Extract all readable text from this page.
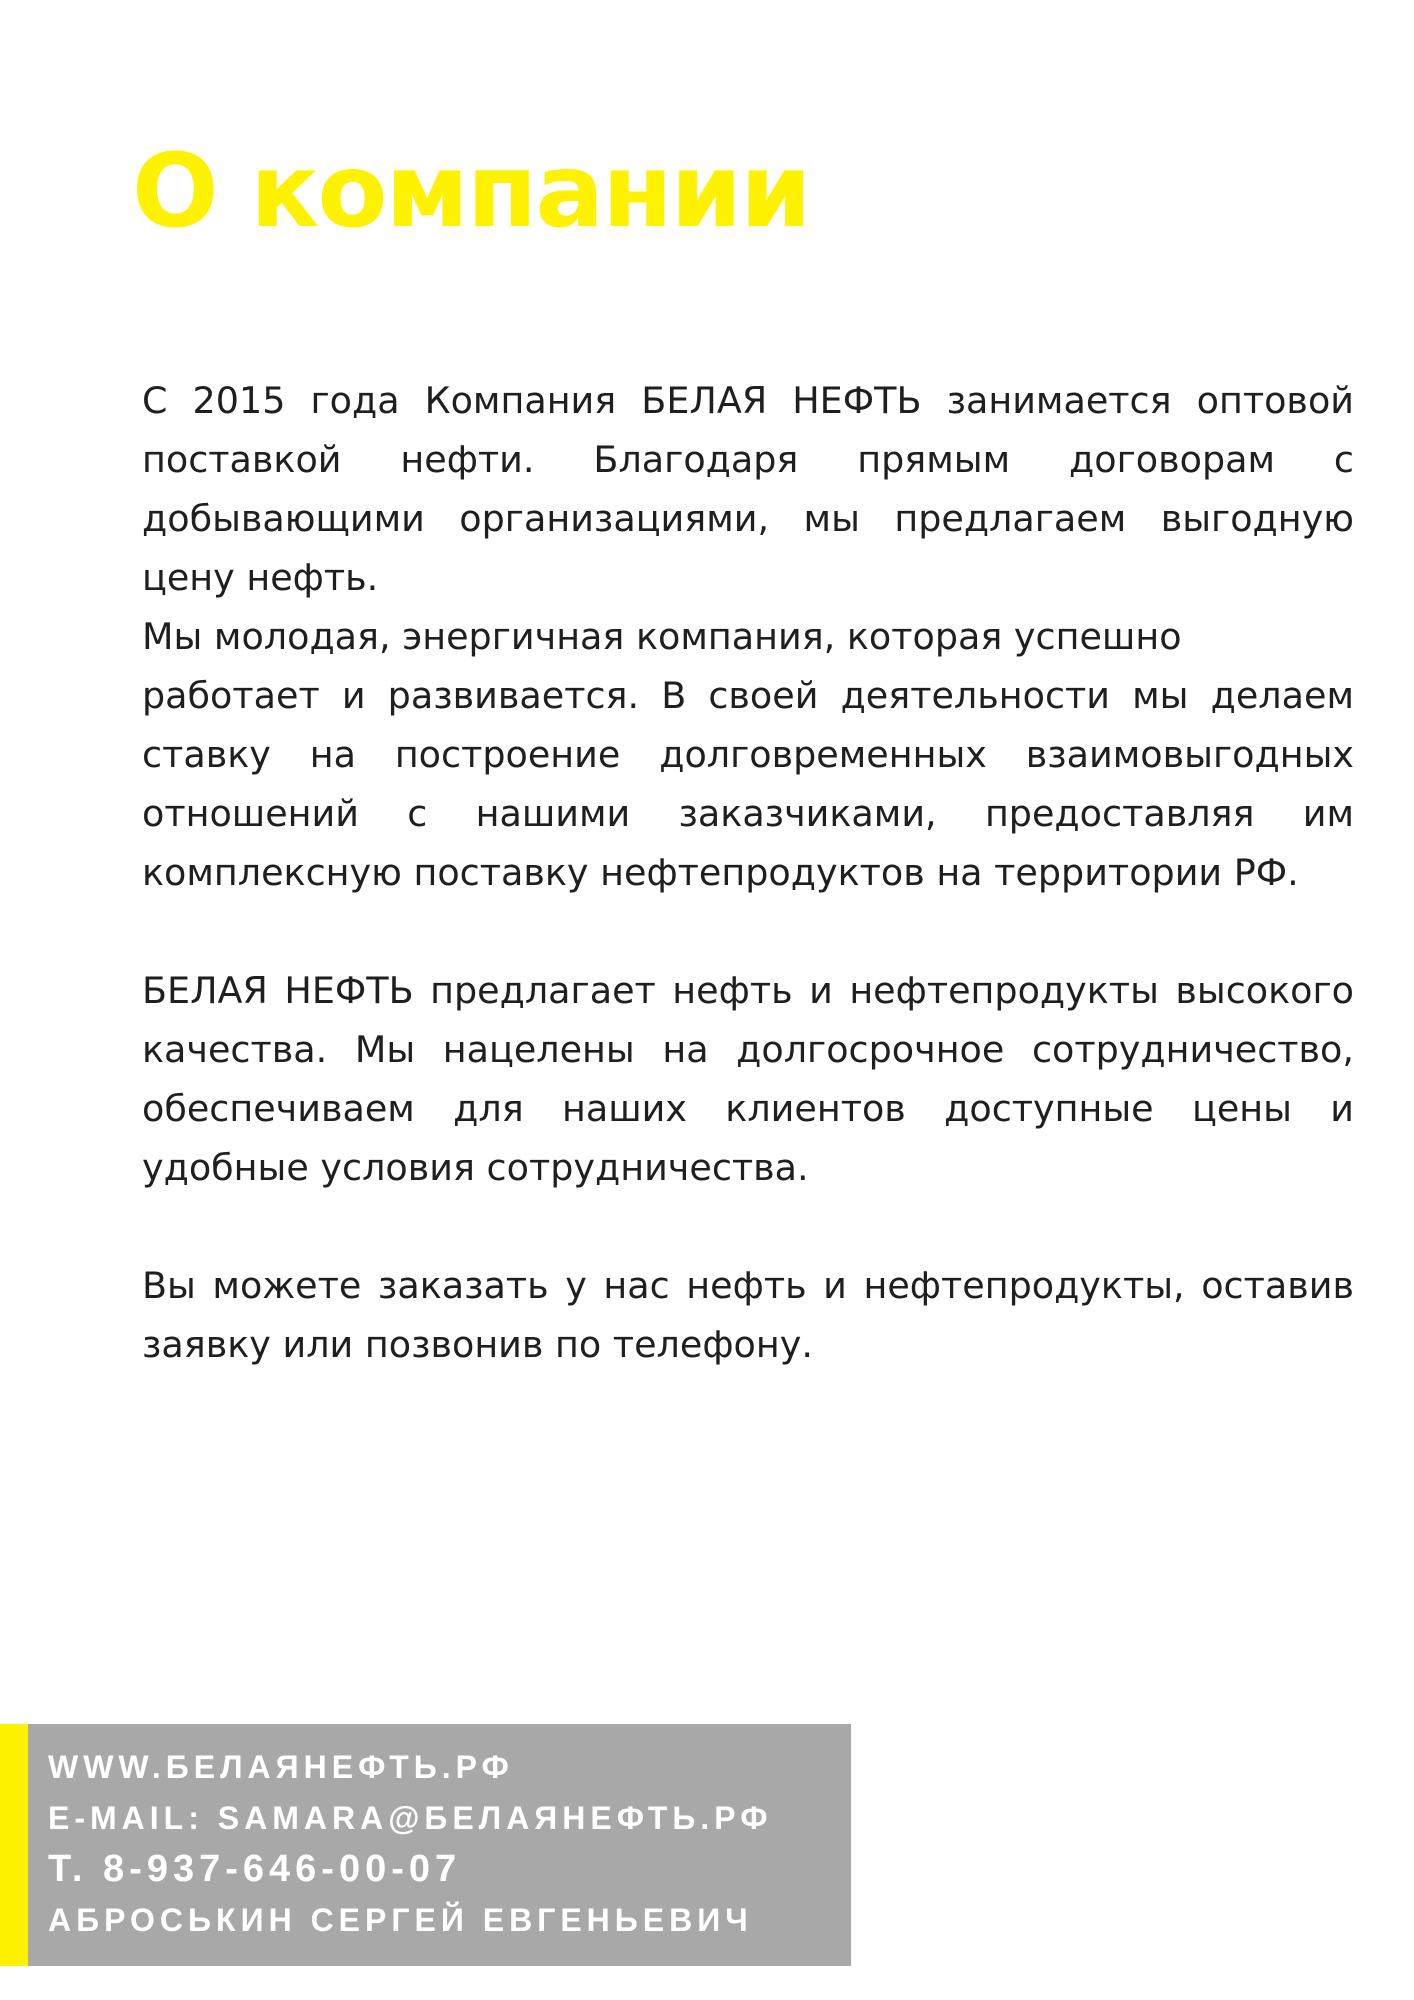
О компании

С 2015 года Компания БЕЛАЯ НЕФТЬ занимается оптовой

поставкой нефти. Благодаря прямым договорам с

добывающими организациями, мы предлагаем выгодную

цену нефть.

Мы молодая, энергичная компания, которая успешно

работает и развивается. В своей деятельности мы делаем ставку на построение долговременных взаимовыгодных отношений с нашими заказчиками, предоставляя им комплексную поставку нефтепродуктов на территории РФ.

БЕЛАЯ НЕФТЬ предлагает нефть и нефтепродукты высокого качества. Мы нацелены на долгосрочное сотрудничество, обеспечиваем для наших клиентов доступные цены и удобные условия сотрудничества.

Вы можете заказать у нас нефть и нефтепродукты, оставив заявку или позвонив по телефону.

WWW.БЕЛАЯНЕФТЬ.РФ
E-MAIL: SAMARA@БЕЛАЯНЕФТЬ.РФ
Т. 8-937-646-00-07
АБРОСЬКИН СЕРГЕЙ ЕВГЕНЬЕВИЧ
